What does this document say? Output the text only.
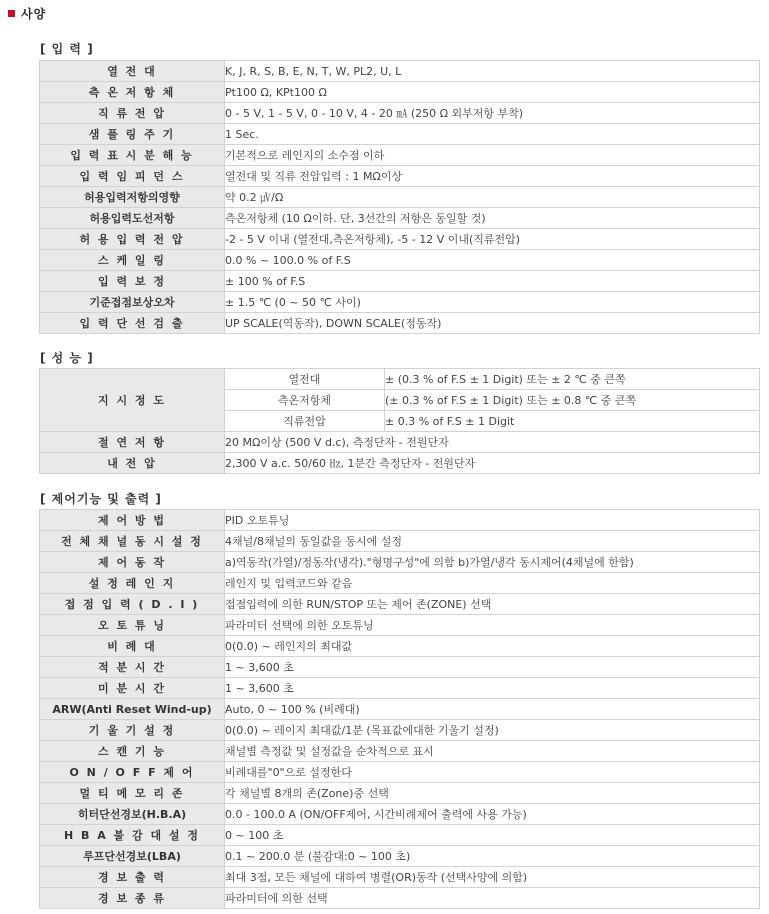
사양
[ 입 력 ]
열 전 대	K, J, R, S, B, E, N, T, W, PL2, U, L
측 온 저 항 체	Pt100 Ω, KPt100 Ω
직 류 전 압	0 - 5 V, 1 - 5 V, 0 - 10 V, 4 - 20 ㎃ (250 Ω 외부저항 부착)
샘 플 링 주 기	1 Sec.
입 력 표 시 분 해 능	기본적으로 레인지의 소수점 이하
입 력 임 피 던 스	열전대 및 직류 전압입력 : 1 MΩ이상
허용입력저항의영향	약 0.2 ㎶/Ω
허용입력도선저항	측온저항체 (10 Ω이하. 단, 3선간의 저항은 동일할 것)
허 용 입 력 전 압	-2 - 5 V 이내 (열전대,측온저항체), -5 - 12 V 이내(직류전압)
스 케 일 링	0.0 % ~ 100.0 % of F.S
입 력 보 정	± 100 % of F.S
기준접점보상오차	± 1.5 ℃ (0 ~ 50 ℃ 사이)
입 력 단 선 검 출	UP SCALE(역동작), DOWN SCALE(정동작)
[ 성 능 ]
지 시 정 도	열전대	± (0.3 % of F.S ± 1 Digit) 또는 ± 2 ℃ 중 큰쪽
	측온저항체	(± 0.3 % of F.S ± 1 Digit) 또는 ± 0.8 ℃ 중 큰쪽
	직류전압	± 0.3 % of F.S ± 1 Digit
절 연 저 항	20 MΩ이상 (500 V d.c), 측정단자 - 전원단자	
내 전 압	2,300 V a.c. 50/60 ㎐, 1분간 측정단자 - 전원단자	
[ 제어기능 및 출력 ]
제 어 방 법	PID 오토튜닝
전 체 채 널 동 시 설 정	4채널/8채널의 동일값을 동시에 설정
제 어 동 작	a)역동작(가열)/정동작(냉각)."형명구성"에 의함 b)가열/냉각 동시제어(4채널에 한함)
설 정 레 인 지	레인지 및 입력코드와 같음
접 점 입 력 ( D . I )	접점입력에 의한 RUN/STOP 또는 제어 존(ZONE) 선택
오 토 튜 닝	파라미터 선택에 의한 오토튜닝
비 례 대	0(0.0) ~ 레인지의 최대값
적 분 시 간	1 ~ 3,600 초
미 분 시 간	1 ~ 3,600 초
ARW(Anti Reset Wind-up)	Auto, 0 ~ 100 % (비례대)
기 울 기 설 정	0(0.0) ~ 레이지 최대값/1분 (목표값에대한 기울기 설정)
스 캔 기 능	채널별 측정값 및 설정값을 순차적으로 표시
O N / O F F 제 어	비례대를"0"으로 설정한다
멀 티 메 모 리 존	각 채널별 8개의 존(Zone)중 선택
히터단선경보(H.B.A)	0.0 - 100.0 A (ON/OFF제어, 시간비례제어 출력에 사용 가능)
H B A 불 감 대 설 정	0 ~ 100 초
루프단선경보(LBA)	0.1 ~ 200.0 분 (불감대:0 ~ 100 초)
경 보 출 력	최대 3점, 모든 채널에 대하여 병렬(OR)동작 (선택사양에 의함)
경 보 종 류	파라미터에 의한 선택
